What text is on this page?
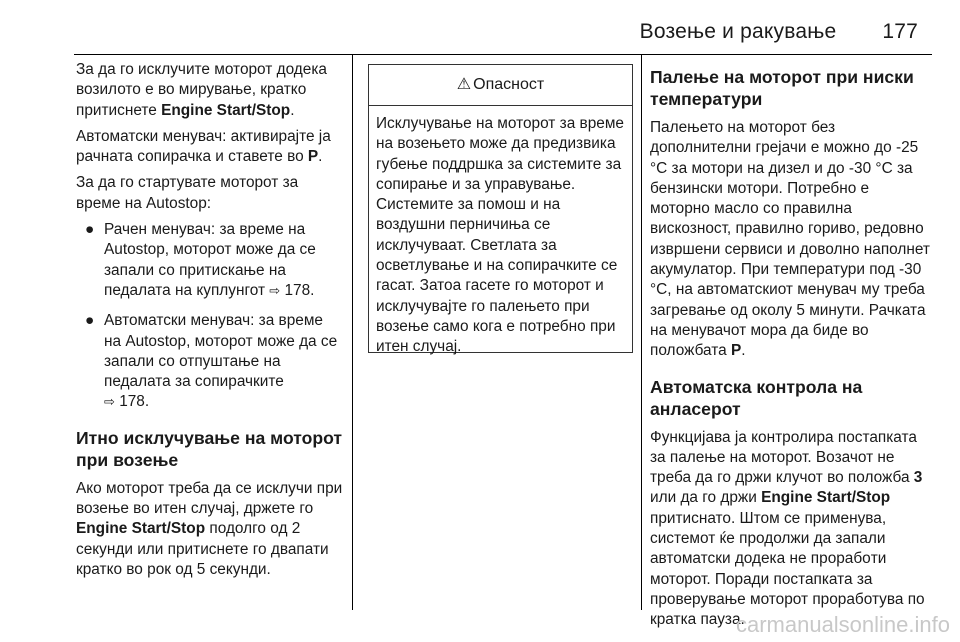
Возење и ракување 177

За да го исклучите моторот додека возилото е во мирување, кратко притиснете Engine Start/Stop.

Автоматски менувач: активирајте ја рачната сопирачка и ставете во P.

За да го стартувате моторот за време на Autostop:

● Рачен менувач: за време на Autostop, моторот може да се запали со притискање на педалата на куплунгот ⇨ 178.
● Автоматски менувач: за време на Autostop, моторот може да се запали со отпуштање на педалата за сопирачките
⇨ 178.
Итно исклучување на моторот при возење

Ако моторот треба да се исклучи при возење во итен случај, држете го Engine Start/Stop подолго од 2 секунди или притиснете го двапати кратко во рок од 5 секунди.

⚠ Опасност
Исклучување на моторот за време на возењето може да предизвика губење поддршка за системите за сопирање и за управување. Системите за помош и на воздушни перничиња се исклучуваат. Светлата за осветлување и на сопирачките се гасат. Затоа гасете го моторот и исклучувајте го палењето при возење само кога е потребно при итен случај.
Палење на моторот при ниски температури

Палењето на моторот без дополнителни грејачи е можно до -25 °C за мотори на дизел и до -30 °C за бензински мотори. Потребно е моторно масло со правилна вискозност, правилно гориво, редовно извршени сервиси и доволно наполнет акумулатор. При температури под -30 °C, на автоматскиот менувач му треба загревање од околу 5 минути. Рачката на менувачот мора да биде во положбата P.

Автоматска контрола на анласерот

Функцијава ја контролира постапката за палење на моторот. Возачот не треба да го држи клучот во положба 3 или да го држи Engine Start/Stop притиснато. Штом се применува, системот ќе продолжи да запали автоматски додека не прорабoти моторот. Поради постапката за проверување моторот проработува по кратка пауза.

carmanualsonline.info
